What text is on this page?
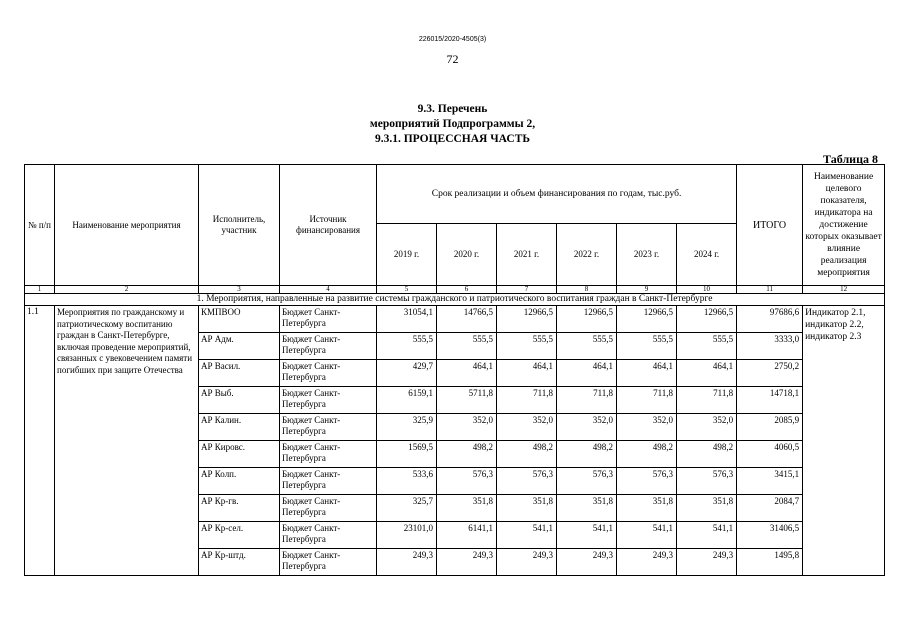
226015/2020-4505(3)
72
9.3. Перечень
мероприятий Подпрограммы 2,
9.3.1. ПРОЦЕССНАЯ ЧАСТЬ
Таблица 8
№ п/п	Наименование мероприятия	Исполнитель, участник	Источник финансирования	Срок реализации и объем финансирования по годам, тыс.руб.						ИТОГО	Наименование целевого показателя, индикатора на достижение которых оказывает влияние реализация мероприятия
				2019 г.	2020 г.	2021 г.	2022 г.	2023 г.	2024 г.		
1	2	3	4	5	6	7	8	9	10	11	12
1. Мероприятия, направленные на развитие системы гражданского и патриотического воспитания граждан в Санкт-Петербурге											
1.1	Мероприятия по гражданскому и патриотическому воспитанию граждан в Санкт-Петербурге, включая проведение мероприятий, связанных с увековечением памяти погибших при защите Отечества	КМПВОО	Бюджет Санкт-Петербурга	31054,1	14766,5	12966,5	12966,5	12966,5	12966,5	97686,6	Индикатор 2.1,
индикатор 2.2,
индикатор 2.3

		АР Адм.	Бюджет Санкт-Петербурга	555,5	555,5	555,5	555,5	555,5	555,5	3333,0	
		АР Васил.	Бюджет Санкт-Петербурга	429,7	464,1	464,1	464,1	464,1	464,1	2750,2	
		АР Выб.	Бюджет Санкт-Петербурга	6159,1	5711,8	711,8	711,8	711,8	711,8	14718,1	
		АР Калин.	Бюджет Санкт-Петербурга	325,9	352,0	352,0	352,0	352,0	352,0	2085,9	
		АР Кировс.	Бюджет Санкт-Петербурга	1569,5	498,2	498,2	498,2	498,2	498,2	4060,5	
		АР Колп.	Бюджет Санкт-Петербурга	533,6	576,3	576,3	576,3	576,3	576,3	3415,1	
		АР Кр-гв.	Бюджет Санкт-Петербурга	325,7	351,8	351,8	351,8	351,8	351,8	2084,7	
		АР Кр-сел.	Бюджет Санкт-Петербурга	23101,0	6141,1	541,1	541,1	541,1	541,1	31406,5	
		АР Кр-штд.	Бюджет Санкт-Петербурга	249,3	249,3	249,3	249,3	249,3	249,3	1495,8	
